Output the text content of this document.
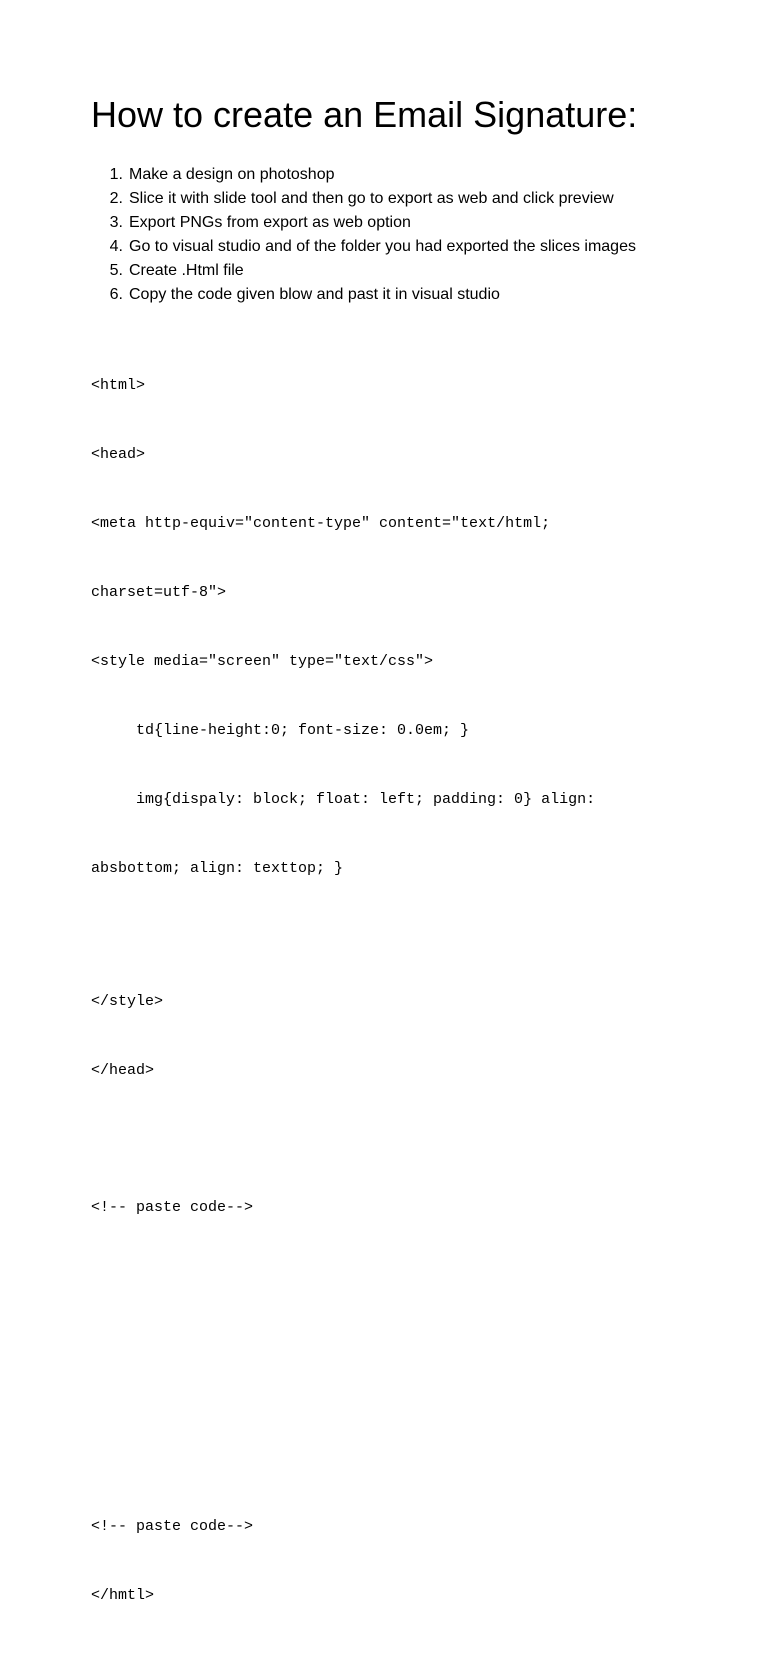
How to create an Email Signature:
1. Make a design on photoshop
2. Slice it with slide tool and then go to export as web and click preview
3. Export PNGs from export as web option
4. Go to visual studio and of the folder you had exported the slices images
5. Create .Html file
6. Copy the code given blow and past it in visual studio

<html>

<head>

<meta http-equiv="content-type" content="text/html;

charset=utf-8">

<style media="screen" type="text/css">

td{line-height:0; font-size: 0.0em; }

img{dispaly: block; float: left; padding: 0} align:

absbottom; align: texttop; }

</style>

</head>

<!-- paste code-->

<!-- paste code-->

</hmtl>
